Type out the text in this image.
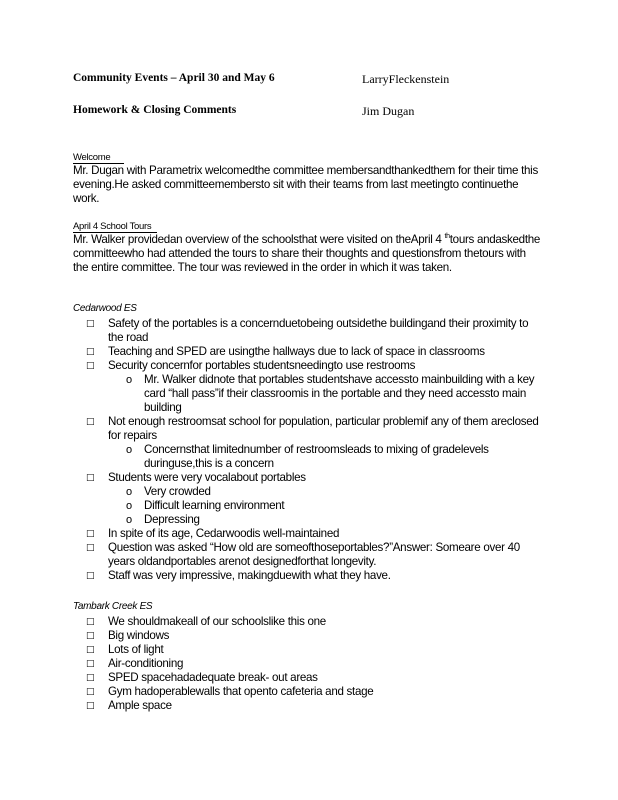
Community Events – April 30 and May 6	LarryFleckenstein
Homework & Closing Comments	Jim Dugan
Welcome
Mr. Dugan with Parametrix welcomedthe committee membersandthankedthem for their time this evening.He asked committeemembersto sit with their teams from last meetingto continuethe work.
April 4 School Tours
Mr. Walker providedan overview of the schoolsthat were visited on theApril 4 $^{th}$tours andaskedthe committeewho had attended the tours to share their thoughts and questionsfrom thetours with the entire committee. The tour was reviewed in the order in which it was taken.
Cedarwood ES
□ Safety of the portables is a concernduetobeing outsidethe buildingand their proximity to the road
□ Teaching and SPED are usingthe hallways due to lack of space in classrooms
□ Security concernfor portables studentsneedingto use restrooms
o	Mr. Walker didnote that portables studentshave accessto mainbuilding with a key card “hall pass”if their classroomis in the portable and they need accessto main building
□ Not enough restroomsat school for population, particular problemif any of them areclosed for repairs
o	Concernsthat limitednumber of restroomsleads to mixing of gradelevels duringuse,this is a concern
□ Students were very vocalabout portables
o	Very crowded
o	Difficult learning environment
o	Depressing
□ In spite of its age, Cedarwoodis well-maintained
□ Question was asked “How old are someofthoseportables?”Answer: Someare over 40 years oldandportables arenot designedforthat longevity.
□ Staff was very impressive, makingduewith what they have.
Tambark Creek ES
□ We shouldmakeall of our schoolslike this one
□ Big windows
□ Lots of light
□ Air-conditioning
□ SPED spacehadadequate break- out areas
□ Gym hadoperablewalls that opento cafeteria and stage
□ Ample space
